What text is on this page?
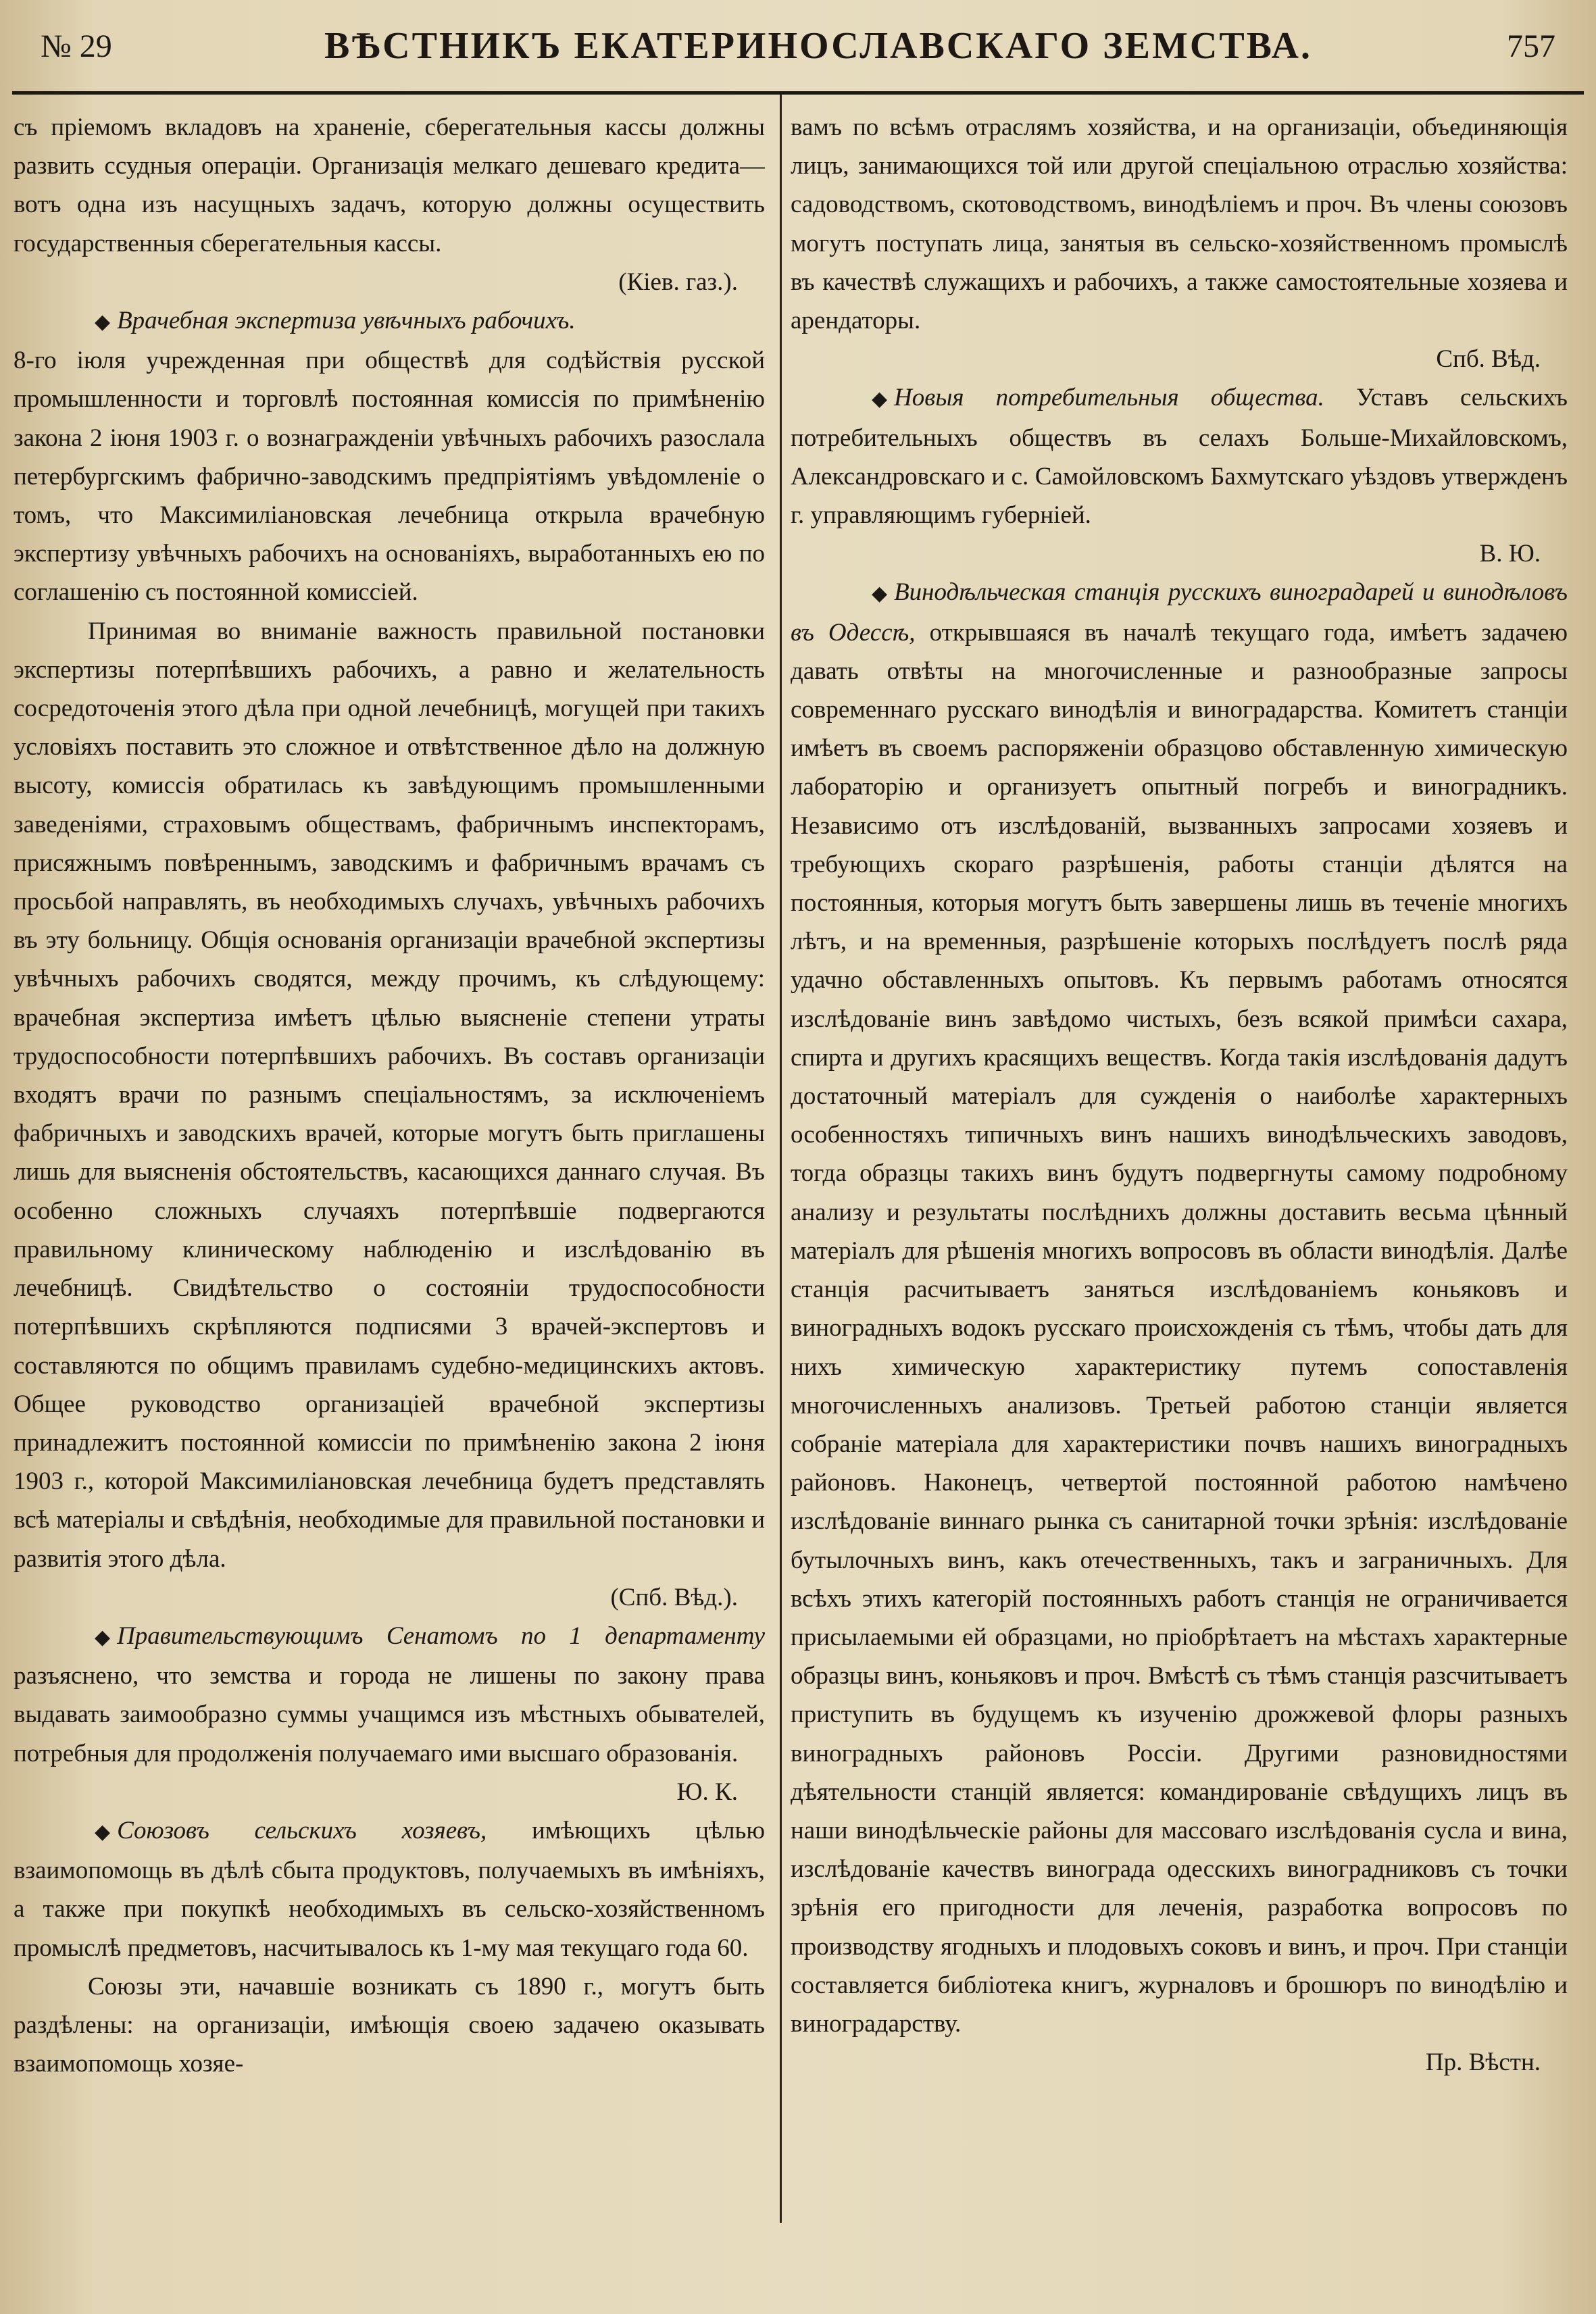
№ 29	ВѢСТНИКЪ ЕКАТЕРИНОСЛАВСКАГО ЗЕМСТВА.	757

съ пріемомъ вкладовъ на храненіе, сберегательныя кассы должны развить ссудныя операціи. Организація мелкаго дешеваго кредита—вотъ одна изъ насущныхъ задачъ, которую должны осуществить государственныя сберегательныя кассы.

(Кіев. газ.).

◆ Врачебная экспертиза увѣчныхъ рабочихъ.

8-го іюля учрежденная при обществѣ для содѣйствія русской промышленности и торговлѣ постоянная комиссія по примѣненію закона 2 іюня 1903 г. о вознагражденіи увѣчныхъ рабочихъ разослала петербургскимъ фабрично-заводскимъ предпріятіямъ увѣдомленіе о томъ, что Максимиліановская лечебница открыла врачебную экспертизу увѣчныхъ рабочихъ на основаніяхъ, выработанныхъ ею по соглашенію съ постоянной комиссіей.

Принимая во вниманіе важность правильной постановки экспертизы потерпѣвшихъ рабочихъ, а равно и желательность сосредоточенія этого дѣла при одной лечебницѣ, могущей при такихъ условіяхъ поставить это сложное и отвѣтственное дѣло на должную высоту, комиссія обратилась къ завѣдующимъ промышленными заведеніями, страховымъ обществамъ, фабричнымъ инспекторамъ, присяжнымъ повѣреннымъ, заводскимъ и фабричнымъ врачамъ съ просьбой направлять, въ необходимыхъ случахъ, увѣчныхъ рабочихъ въ эту больницу. Общія основанія организаціи врачебной экспертизы увѣчныхъ рабочихъ сводятся, между прочимъ, къ слѣдующему: врачебная экспертиза имѣетъ цѣлью выясненіе степени утраты трудоспособности потерпѣвшихъ рабочихъ. Въ составъ организаціи входятъ врачи по разнымъ спеціальностямъ, за исключеніемъ фабричныхъ и заводскихъ врачей, которые могутъ быть приглашены лишь для выясненія обстоятельствъ, касающихся даннаго случая. Въ особенно сложныхъ случаяхъ потерпѣвшіе подвергаются правильному клиническому наблюденію и изслѣдованію въ лечебницѣ. Свидѣтельство о состояніи трудоспособности потерпѣвшихъ скрѣпляются подписями 3 врачей-экспертовъ и составляются по общимъ правиламъ судебно-медицинскихъ актовъ. Общее руководство организаціей врачебной экспертизы принадлежитъ постоянной комиссіи по примѣненію закона 2 іюня 1903 г., которой Максимиліановская лечебница будетъ представлять всѣ матеріалы и свѣдѣнія, необходимые для правильной постановки и развитія этого дѣла.

(Спб. Вѣд.).

◆ Правительствующимъ Сенатомъ по 1 департаменту разъяснено, что земства и города не лишены по закону права выдавать заимообразно суммы учащимся изъ мѣстныхъ обывателей, потребныя для продолженія получаемаго ими высшаго образованія.

Ю. К.

◆ Союзовъ сельскихъ хозяевъ, имѣющихъ цѣлью взаимопомощь въ дѣлѣ сбыта продуктовъ, получаемыхъ въ имѣніяхъ, а также при покупкѣ необходимыхъ въ сельско-хозяйственномъ промыслѣ предметовъ, насчитывалось къ 1-му мая текущаго года 60.

Союзы эти, начавшіе возникать съ 1890 г., могутъ быть раздѣлены: на организаціи, имѣющія своею задачею оказывать взаимопомощь хозяе-

вамъ по всѣмъ отраслямъ хозяйства, и на организаціи, объединяющія лицъ, занимающихся той или другой спеціальною отраслью хозяйства: садоводствомъ, скотоводствомъ, винодѣліемъ и проч. Въ члены союзовъ могутъ поступать лица, занятыя въ сельско-хозяйственномъ промыслѣ въ качествѣ служащихъ и рабочихъ, а также самостоятельные хозяева и арендаторы.

Спб. Вѣд.

◆ Новыя потребительныя общества. Уставъ сельскихъ потребительныхъ обществъ въ селахъ Больше-Михайловскомъ, Александровскаго и с. Самойловскомъ Бахмутскаго уѣздовъ утвержденъ г. управляющимъ губерніей.

В. Ю.

◆ Винодѣльческая станція русскихъ виноградарей и винодѣловъ въ Одессѣ, открывшаяся въ началѣ текущаго года, имѣетъ задачею давать отвѣты на многочисленные и разнообразные запросы современнаго русскаго винодѣлія и виноградарства. Комитетъ станціи имѣетъ въ своемъ распоряженіи образцово обставленную химическую лабораторію и организуетъ опытный погребъ и виноградникъ. Независимо отъ изслѣдованій, вызванныхъ запросами хозяевъ и требующихъ скораго разрѣшенія, работы станціи дѣлятся на постоянныя, которыя могутъ быть завершены лишь въ теченіе многихъ лѣтъ, и на временныя, разрѣшеніе которыхъ послѣдуетъ послѣ ряда удачно обставленныхъ опытовъ. Къ первымъ работамъ относятся изслѣдованіе винъ завѣдомо чистыхъ, безъ всякой примѣси сахара, спирта и другихъ красящихъ веществъ. Когда такія изслѣдованія дадутъ достаточный матеріалъ для сужденія о наиболѣе характерныхъ особенностяхъ типичныхъ винъ нашихъ винодѣльческихъ заводовъ, тогда образцы такихъ винъ будутъ подвергнуты самому подробному анализу и результаты послѣднихъ должны доставить весьма цѣнный матеріалъ для рѣшенія многихъ вопросовъ въ области винодѣлія. Далѣе станція расчитываетъ заняться изслѣдованіемъ коньяковъ и виноградныхъ водокъ русскаго происхожденія съ тѣмъ, чтобы дать для нихъ химическую характеристику путемъ сопоставленія многочисленныхъ анализовъ. Третьей работою станціи является собраніе матеріала для характеристики почвъ нашихъ виноградныхъ районовъ. Наконецъ, четвертой постоянной работою намѣчено изслѣдованіе виннаго рынка съ санитарной точки зрѣнія: изслѣдованіе бутылочныхъ винъ, какъ отечественныхъ, такъ и заграничныхъ. Для всѣхъ этихъ категорій постоянныхъ работъ станція не ограничивается присылаемыми ей образцами, но пріобрѣтаетъ на мѣстахъ характерные образцы винъ, коньяковъ и проч. Вмѣстѣ съ тѣмъ станція разсчитываетъ приступить въ будущемъ къ изученію дрожжевой флоры разныхъ виноградныхъ районовъ Россіи. Другими разновидностями дѣятельности станцій является: командированіе свѣдущихъ лицъ въ наши винодѣльческіе районы для массоваго изслѣдованія сусла и вина, изслѣдованіе качествъ винограда одесскихъ виноградниковъ съ точки зрѣнія его пригодности для леченія, разработка вопросовъ по производству ягодныхъ и плодовыхъ соковъ и винъ, и проч. При станціи составляется библіотека книгъ, журналовъ и брошюръ по винодѣлію и виноградарству.

Пр. Вѣстн.
